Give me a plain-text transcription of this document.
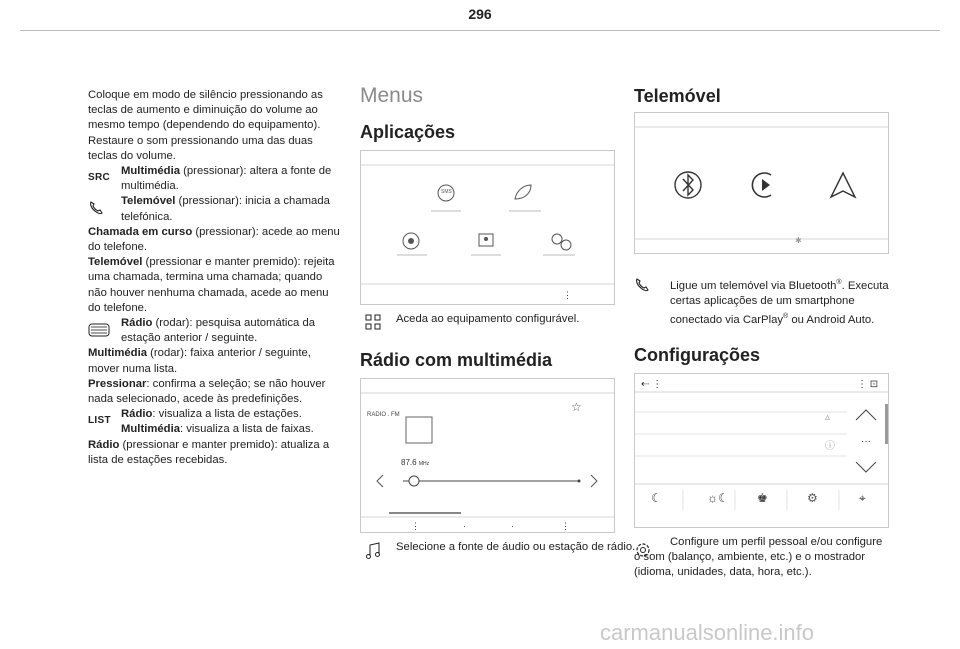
296

Coloque em modo de silêncio pressionando as teclas de aumento e diminuição do volume ao mesmo tempo (dependendo do equipamento). Restaure o som pressionando uma das duas teclas do volume.

SRC

Multimédia (pressionar): altera a fonte de multimédia.

Telemóvel (pressionar): inicia a chamada telefónica.

Chamada em curso (pressionar): acede ao menu do telefone.

Telemóvel (pressionar e manter premido): rejeita uma chamada, termina uma chamada; quando não houver nenhuma chamada, acede ao menu do telefone.

Rádio (rodar): pesquisa automática da estação anterior / seguinte.

Multimédia (rodar): faixa anterior / seguinte, mover numa lista.

Pressionar: confirma a seleção; se não houver nada selecionado, acede às predefinições.

LIST

Rádio: visualiza a lista de estações.
Multimédia: visualiza a lista de faixas.

Rádio (pressionar e manter premido): atualiza a lista de estações recebidas.

Menus
Aplicações
SMS
⋮
Aceda ao equipamento configurável.
Rádio com multimédia
RADIO . FM
87.6 MHz
☆
⋮	·	·	⋮
Selecione a fonte de áudio ou estação de rádio.
Telemóvel
✱
Ligue um telemóvel via Bluetooth®. Executa certas aplicações de um smartphone conectado via CarPlay® ou Android Auto.
Configurações
⇠ ⋮	⋮ ⊡
▵
ⓘ	···
☾	☼☾ ♚	⚙	⌖
Configure um perfil pessoal e/ou configure o som (balanço, ambiente, etc.) e o mostrador (idioma, unidades, data, hora, etc.).
carmanualsonline.info
